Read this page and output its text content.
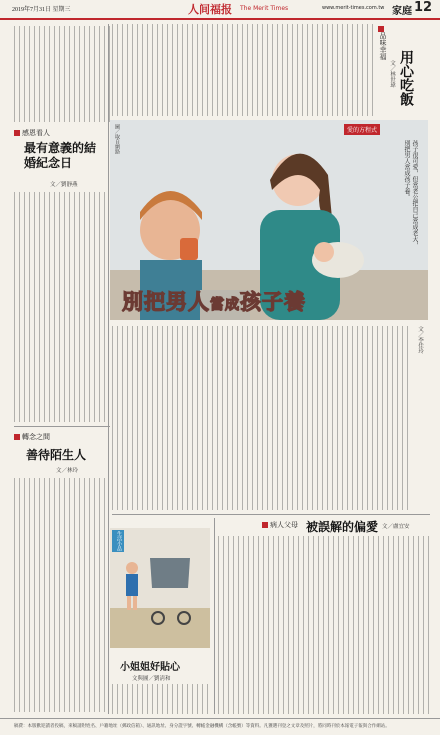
2019年7月31日 星期三	人间福报 The Merit Times	www.merit-times.com.tw 家庭 12
感恩看人
最有意義的結婚紀念日
文／劉靜燕
轉念之間
善待陌生人
文／林玲
品味幸福
用心吃飯
文／林世瑋
圖／取自網路	愛的方程式
孩子很可愛，但當老公把自己當成老大，別把男人當成孩子養。
別把男人當成孩子養
文／李佳玲
生活小品
小姐姐好貼心
文與圖／劉淸和
病人父母 被誤解的偏愛 文／盧宜安
稿費：本版歡迎讀者投稿，來稿請附姓名、戶籍地址（郵政信箱）、通訊地址、身分證字號、轉帳金融機構（含帳號）等資料。凡獲選刊登之文章及照片，將同時刊於本報電子報與合作網站。
